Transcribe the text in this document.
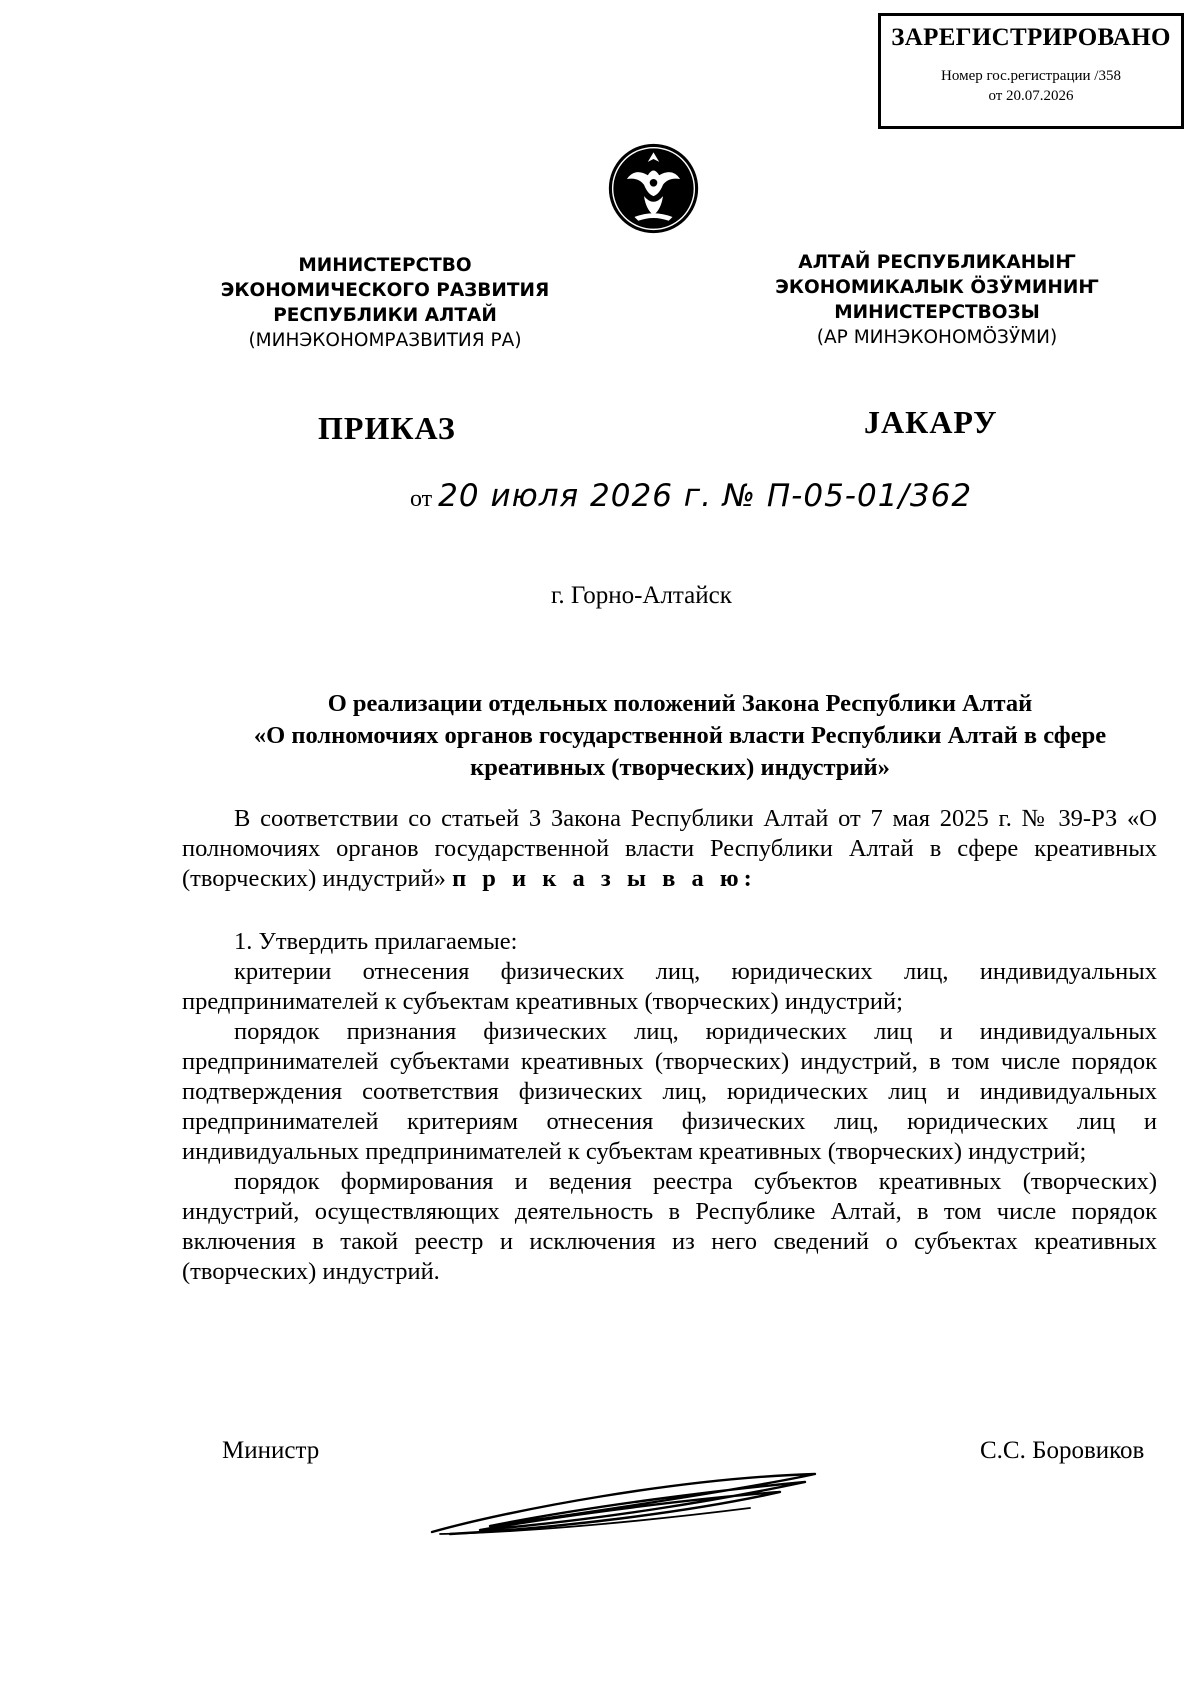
ЗАРЕГИСТРИРОВАНО
Номер гос.регистрации /358
от 20.07.2026
МИНИСТЕРСТВО
ЭКОНОМИЧЕСКОГО РАЗВИТИЯ
РЕСПУБЛИКИ АЛТАЙ
(МИНЭКОНОМРАЗВИТИЯ РА)
АЛТАЙ РЕСПУБЛИКАНЫҤ
ЭКОНОМИКАЛЫК ÖЗӰМИНИҤ
МИНИСТЕРСТВОЗЫ
(АР МИНЭКОНОМÖЗӰМИ)
ПРИКАЗ	ЈАКАРУ
от 20 июля 2026 г. № П-05-01/362
г. Горно-Алтайск
О реализации отдельных положений Закона Республики Алтай
«О полномочиях органов государственной власти Республики Алтай в сфере
креативных (творческих) индустрий»

В соответствии со статьей 3 Закона Республики Алтай от 7 мая 2025 г. № 39-РЗ «О полномочиях органов государственной власти Республики Алтай в сфере креативных (творческих) индустрий» п р и к а з ы в а ю:

1. Утвердить прилагаемые:

критерии отнесения физических лиц, юридических лиц, индивидуальных предпринимателей к субъектам креативных (творческих) индустрий;

порядок признания физических лиц, юридических лиц и индивидуальных предпринимателей субъектами креативных (творческих) индустрий, в том числе порядок подтверждения соответствия физических лиц, юридических лиц и индивидуальных предпринимателей критериям отнесения физических лиц, юридических лиц и индивидуальных предпринимателей к субъектам креативных (творческих) индустрий;

порядок формирования и ведения реестра субъектов креативных (творческих) индустрий, осуществляющих деятельность в Республике Алтай, в том числе порядок включения в такой реестр и исключения из него сведений о субъектах креативных (творческих) индустрий.

Министр	С.С. Боровиков
